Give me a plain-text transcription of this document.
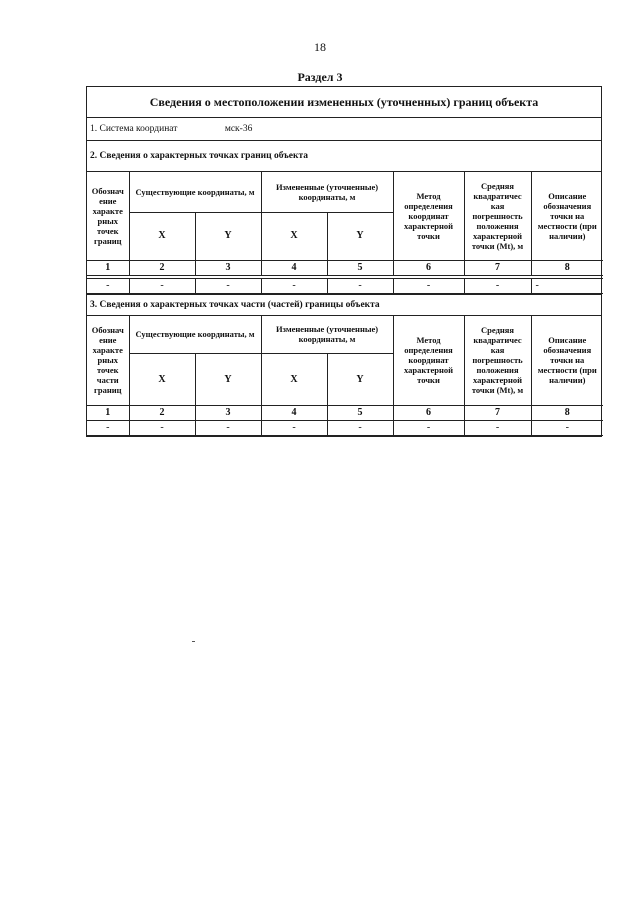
18
Раздел 3
Сведения о местоположении измененных (уточненных) границ объекта
1. Система координат	мск-36
2. Сведения о характерных точках границ объекта
Обознач ение характе рных точек границ	Существующие координаты, м		Измененные (уточненные) координаты, м		Метод определения координат характерной точки	Средняя квадратичес кая погрешность положения характерной точки (Mt), м	Описание обозначения точки на местности (при наличии)
	X	Y	X	Y			
1	2	3	4	5	6	7	8

-	-	-	-	-	-	-	-
3. Сведения о характерных точках части (частей) границы объекта
Обознач ение характе рных точек части границ	Существующие координаты, м		Измененные (уточненные) координаты, м		Метод определения координат характерной точки	Средняя квадратичес кая погрешность положения характерной точки (Mt), м	Описание обозначения точки на местности (при наличии)
	X	Y	X	Y			
1	2	3	4	5	6	7	8
-	-	-	-	-	-	-	-
